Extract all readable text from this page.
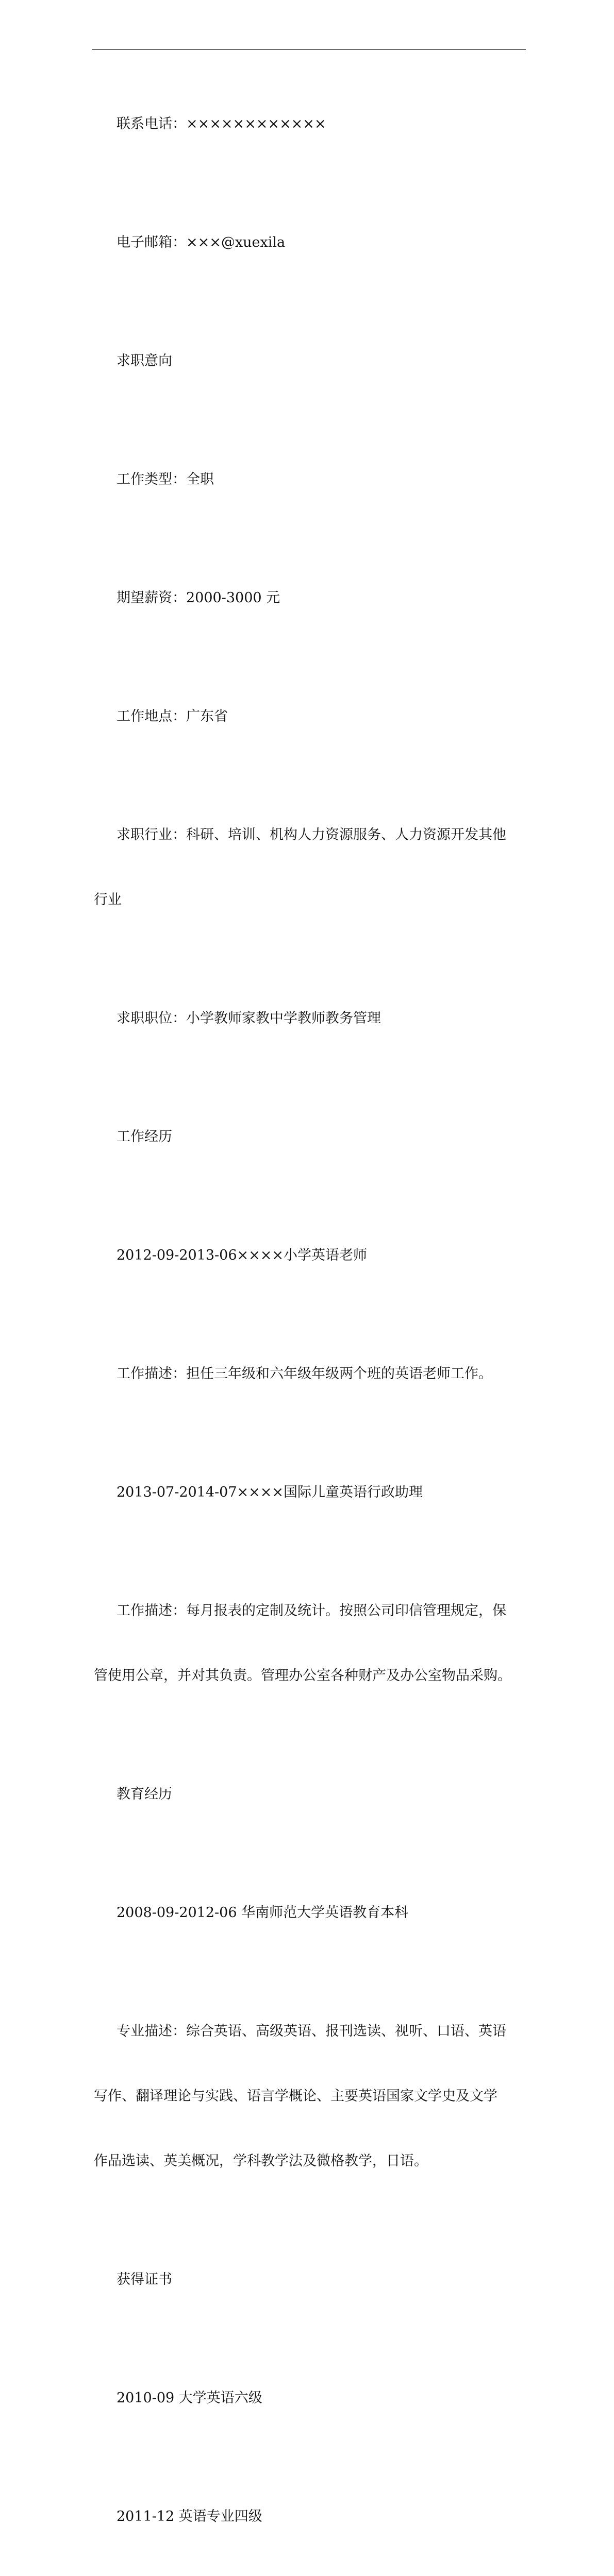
联系电话：××××××××××××

电子邮箱：×××@xuexila

求职意向

工作类型：全职

期望薪资：2000-3000 元

工作地点：广东省

求职行业：科研、培训、机构人力资源服务、人力资源开发其他

行业

求职职位：小学教师家教中学教师教务管理

工作经历

2012-09-2013-06××××小学英语老师

工作描述：担任三年级和六年级年级两个班的英语老师工作。

2013-07-2014-07××××国际儿童英语行政助理

工作描述：每月报表的定制及统计。按照公司印信管理规定，保

管使用公章，并对其负责。管理办公室各种财产及办公室物品采购。

教育经历

2008-09-2012-06 华南师范大学英语教育本科

专业描述：综合英语、高级英语、报刊选读、视听、口语、英语

写作、翻译理论与实践、语言学概论、主要英语国家文学史及文学

作品选读、英美概况，学科教学法及微格教学，日语。

获得证书

2010-09 大学英语六级

2011-12 英语专业四级
